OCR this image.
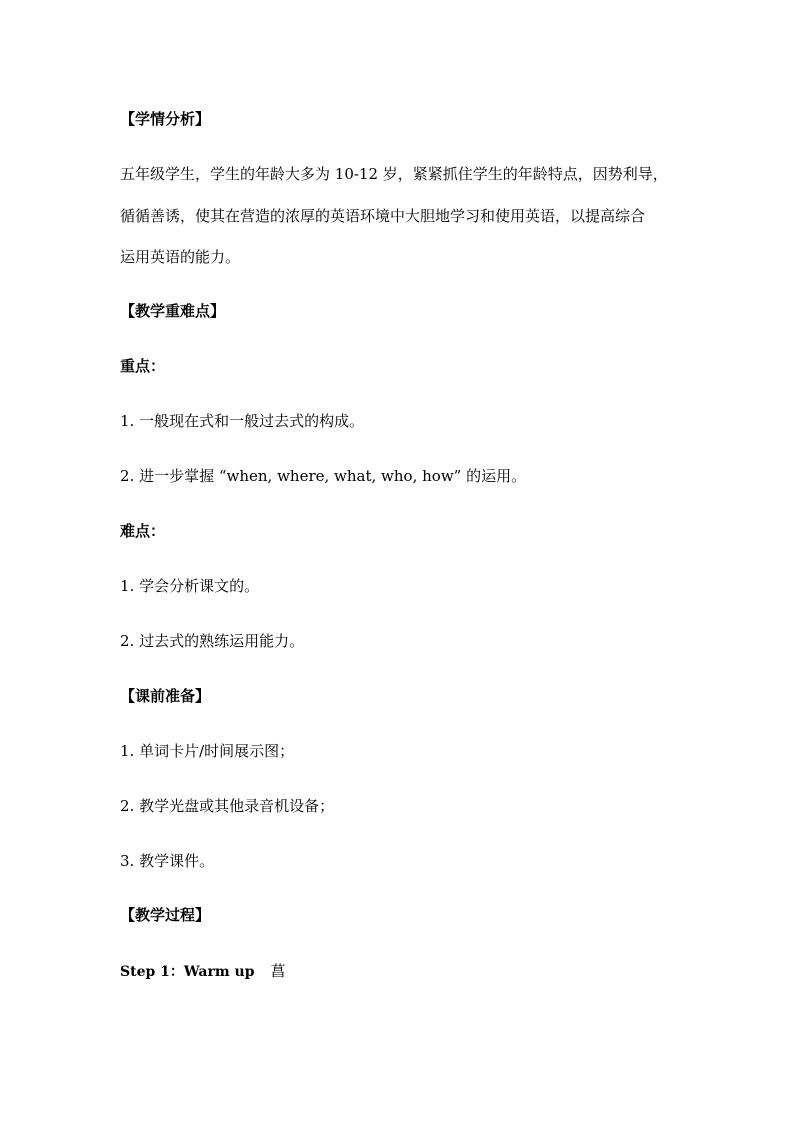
【学情分析】
五年级学生，学生的年龄大多为 10-12 岁，紧紧抓住学生的年龄特点，因势利导，
循循善诱，使其在营造的浓厚的英语环境中大胆地学习和使用英语，以提高综合
运用英语的能力。
【教学重难点】
重点：
1. 一般现在式和一般过去式的构成。
2. 进一步掌握 “when, where, what, who, how” 的运用。
难点：
1. 学会分析课文的。
2. 过去式的熟练运用能力。
【课前准备】
1. 单词卡片/时间展示图；
2. 教学光盘或其他录音机设备；
3. 教学课件。
【教学过程】
Step 1：Warm up 菖
